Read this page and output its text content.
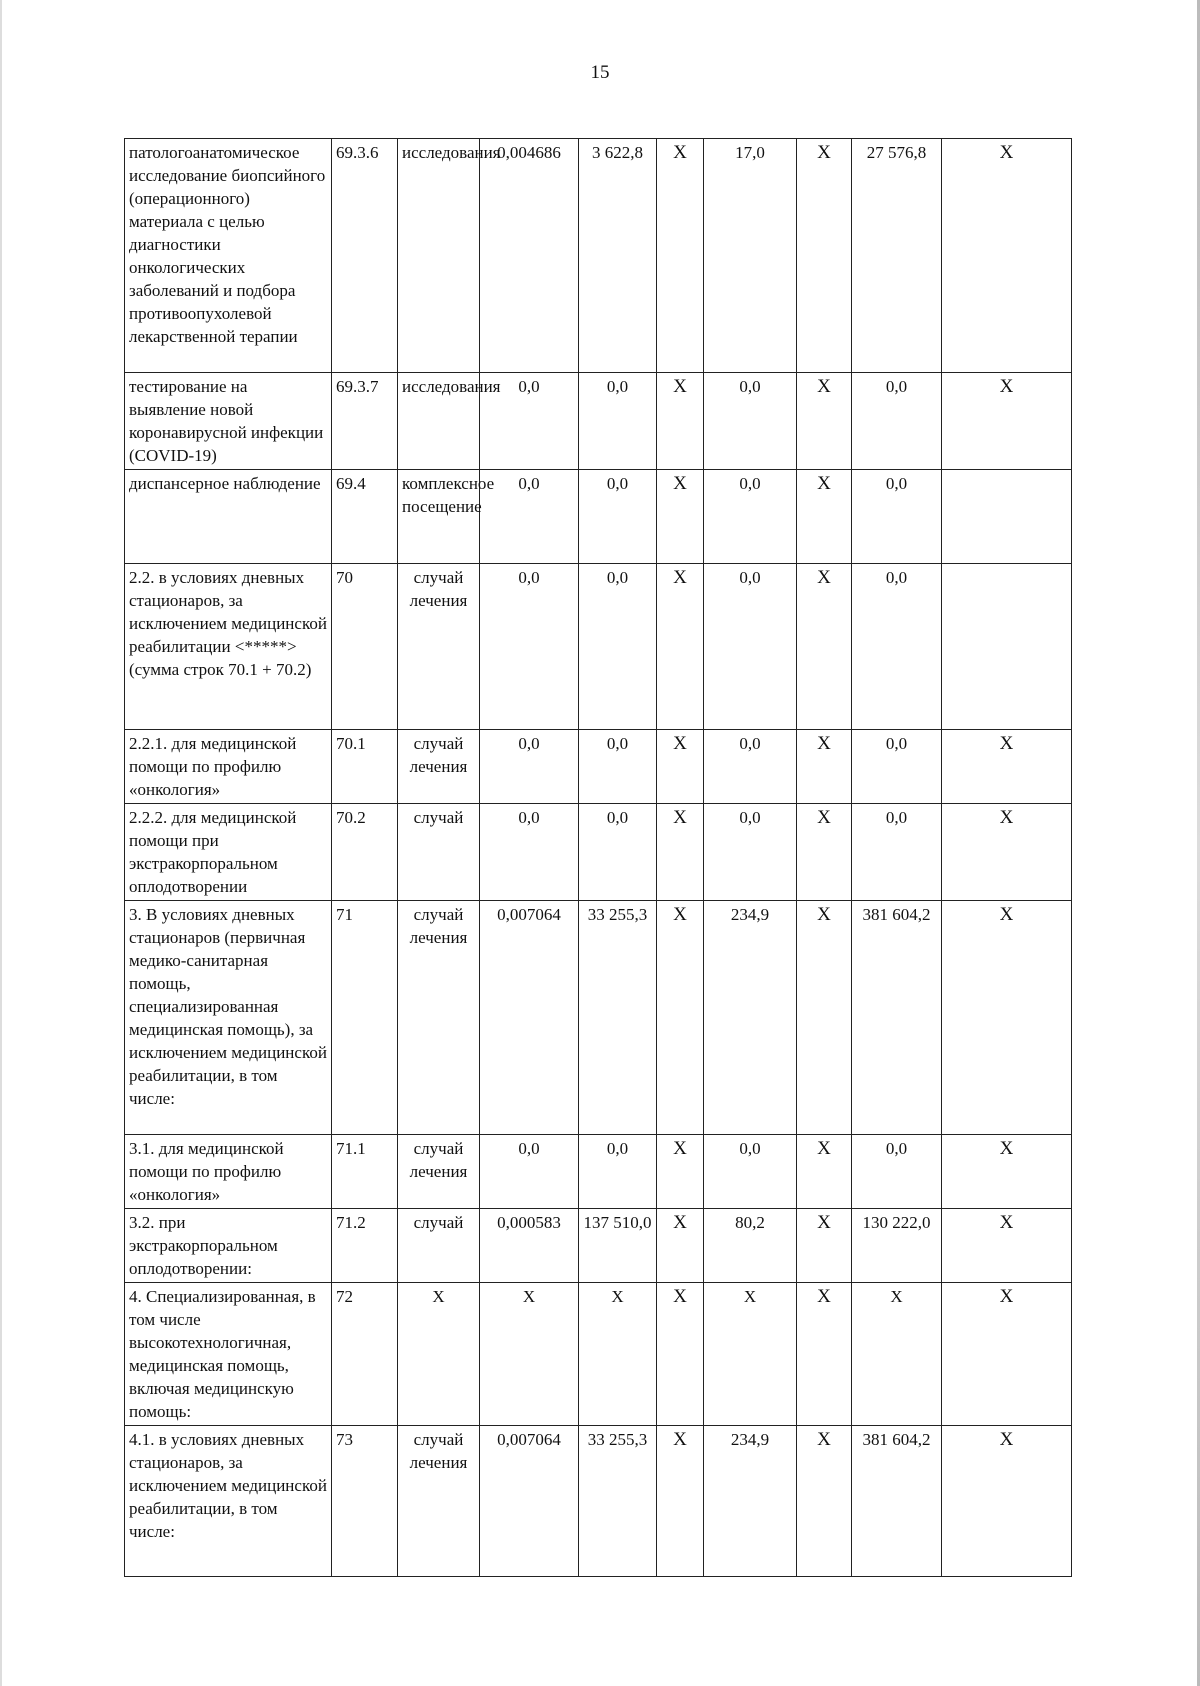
15
патологоанатомическое исследование биопсийного (операционного) материала с целью диагностики онкологических заболеваний и подбора противоопухолевой лекарственной терапии	69.3.6	исследования	0,004686	3 622,8	X	17,0	X	27 576,8	X
тестирование на выявление новой коронавирусной инфекции (COVID-19)	69.3.7	исследования	0,0	0,0	X	0,0	X	0,0	X
диспансерное наблюдение	69.4	комплексное посещение	0,0	0,0	X	0,0	X	0,0	
2.2. в условиях дневных стационаров, за исключением медицинской реабилитации <*****> (сумма строк 70.1 + 70.2)	70	случай лечения	0,0	0,0	X	0,0	X	0,0	
2.2.1. для медицинской помощи по профилю «онкология»	70.1	случай лечения	0,0	0,0	X	0,0	X	0,0	X
2.2.2. для медицинской помощи при экстракорпоральном оплодотворении	70.2	случай	0,0	0,0	X	0,0	X	0,0	X
3. В условиях дневных стационаров (первичная медико-санитарная помощь, специализированная медицинская помощь), за исключением медицинской реабилитации, в том числе:	71	случай лечения	0,007064	33 255,3	X	234,9	X	381 604,2	X
3.1. для медицинской помощи по профилю «онкология»	71.1	случай лечения	0,0	0,0	X	0,0	X	0,0	X
3.2. при экстракорпоральном оплодотворении:	71.2	случай	0,000583	137 510,0	X	80,2	X	130 222,0	X
4. Специализированная, в том числе высокотехнологичная, медицинская помощь, включая медицинскую помощь:	72	X	X	X	X	X	X	X	X
4.1. в условиях дневных стационаров, за исключением медицинской реабилитации, в том числе:	73	случай лечения	0,007064	33 255,3	X	234,9	X	381 604,2	X
